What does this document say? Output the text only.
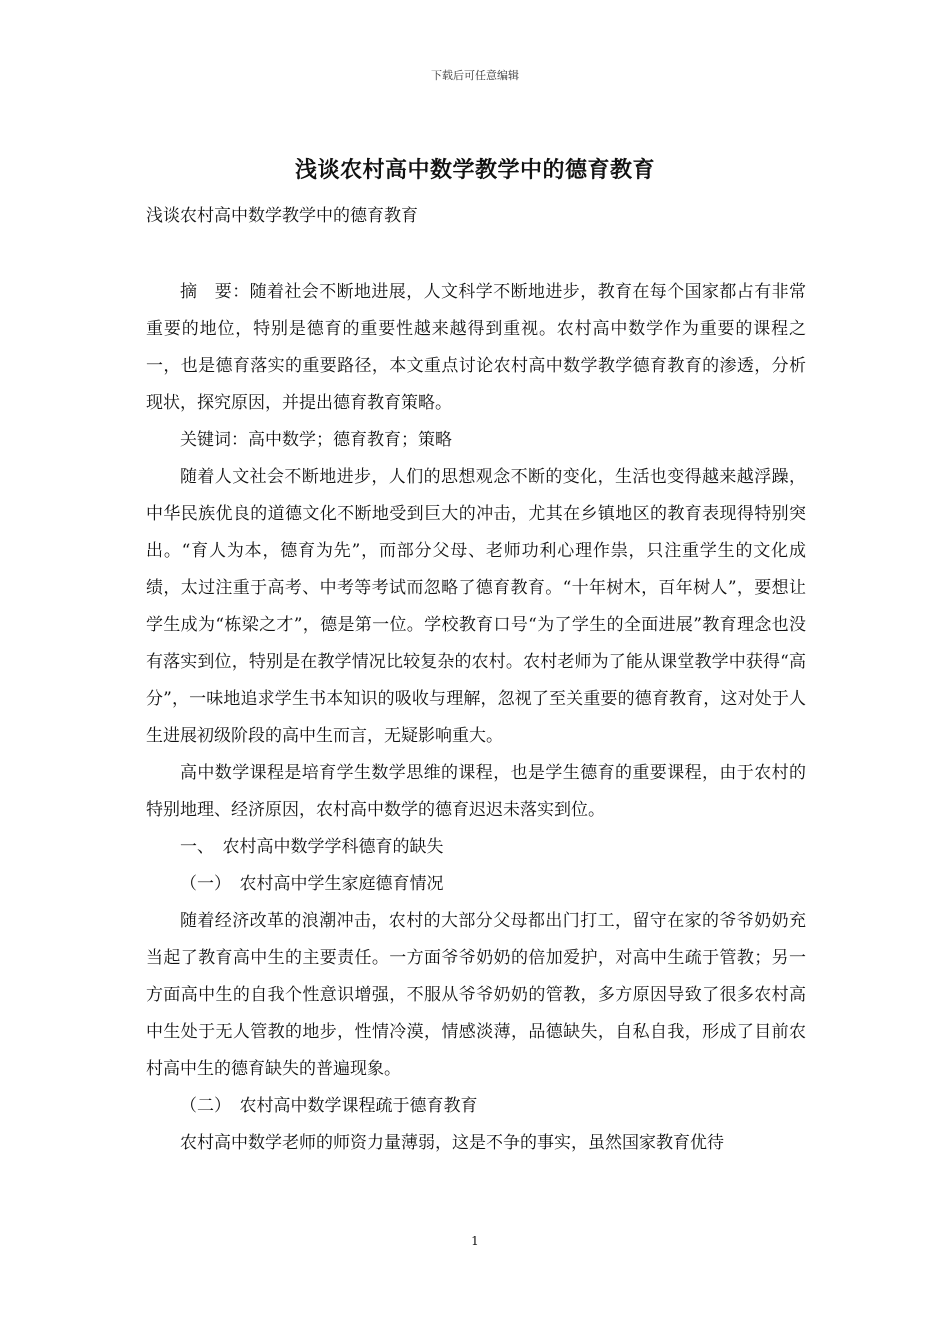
下载后可任意编辑
浅谈农村高中数学教学中的德育教育
浅谈农村高中数学教学中的德育教育

摘　要：随着社会不断地进展，人文科学不断地进步，教育在每个国家都占有非常重要的地位，特别是德育的重要性越来越得到重视。农村高中数学作为重要的课程之一，也是德育落实的重要路径，本文重点讨论农村高中数学教学德育教育的渗透，分析现状，探究原因，并提出德育教育策略。

关键词：高中数学；德育教育；策略

随着人文社会不断地进步，人们的思想观念不断的变化，生活也变得越来越浮躁，中华民族优良的道德文化不断地受到巨大的冲击，尤其在乡镇地区的教育表现得特别突出。“育人为本，德育为先”，而部分父母、老师功利心理作祟，只注重学生的文化成绩，太过注重于高考、中考等考试而忽略了德育教育。“十年树木，百年树人”，要想让学生成为“栋梁之才”，德是第一位。学校教育口号“为了学生的全面进展”教育理念也没有落实到位，特别是在教学情况比较复杂的农村。农村老师为了能从课堂教学中获得“高分”，一味地追求学生书本知识的吸收与理解，忽视了至关重要的德育教育，这对处于人生进展初级阶段的高中生而言，无疑影响重大。

高中数学课程是培育学生数学思维的课程，也是学生德育的重要课程，由于农村的特别地理、经济原因，农村高中数学的德育迟迟未落实到位。

一、　农村高中数学学科德育的缺失

（一）　农村高中学生家庭德育情况

随着经济改革的浪潮冲击，农村的大部分父母都出门打工，留守在家的爷爷奶奶充当起了教育高中生的主要责任。一方面爷爷奶奶的倍加爱护，对高中生疏于管教；另一方面高中生的自我个性意识增强，不服从爷爷奶奶的管教，多方原因导致了很多农村高中生处于无人管教的地步，性情冷漠，情感淡薄，品德缺失，自私自我，形成了目前农村高中生的德育缺失的普遍现象。

（二）　农村高中数学课程疏于德育教育

农村高中数学老师的师资力量薄弱，这是不争的事实，虽然国家教育优待

1
